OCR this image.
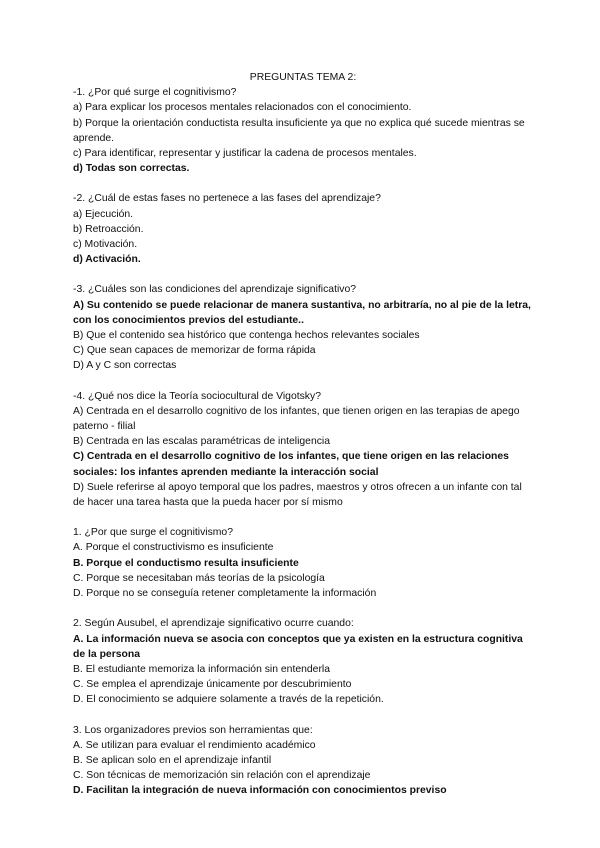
PREGUNTAS TEMA 2:
-1. ¿Por qué surge el cognitivismo?
a) Para explicar los procesos mentales relacionados con el conocimiento.
b) Porque la orientación conductista resulta insuficiente ya que no explica qué sucede mientras se aprende.
c) Para identificar, representar y justificar la cadena de procesos mentales.
d) Todas son correctas.
-2. ¿Cuál de estas fases no pertenece a las fases del aprendizaje?
a) Ejecución.
b) Retroacción.
c) Motivación.
d) Activación.
-3. ¿Cuáles son las condiciones del aprendizaje significativo?
A) Su contenido se puede relacionar de manera sustantiva, no arbitraría, no al pie de la letra, con los conocimientos previos del estudiante..
B) Que el contenido sea histórico que contenga hechos relevantes sociales
C) Que sean capaces de memorizar de forma rápida
D) A y C son correctas
-4. ¿Qué nos dice la Teoría sociocultural de Vigotsky?
A) Centrada en el desarrollo cognitivo de los infantes, que tienen origen en las terapias de apego paterno - filial
B) Centrada en las escalas paramétricas de inteligencia
C) Centrada en el desarrollo cognitivo de los infantes, que tiene origen en las relaciones sociales: los infantes aprenden mediante la interacción social
D) Suele referirse al apoyo temporal que los padres, maestros y otros ofrecen a un infante con tal de hacer una tarea hasta que la pueda hacer por sí mismo
1. ¿Por que surge el cognitivismo?
A. Porque el constructivismo es insuficiente
B. Porque el conductismo resulta insuficiente
C. Porque se necesitaban más teorías de la psicología
D. Porque no se conseguía retener completamente la información
2. Según Ausubel, el aprendizaje significativo ocurre cuando:
A. La información nueva se asocia con conceptos que ya existen en la estructura cognitiva de la persona
B. El estudiante memoriza la información sin entenderla
C. Se emplea el aprendizaje únicamente por descubrimiento
D. El conocimiento se adquiere solamente a través de la repetición.
3. Los organizadores previos son herramientas que:
A. Se utilizan para evaluar el rendimiento académico
B. Se aplican solo en el aprendizaje infantil
C. Son técnicas de memorización sin relación con el aprendizaje
D. Facilitan la integración de nueva información con conocimientos previso
